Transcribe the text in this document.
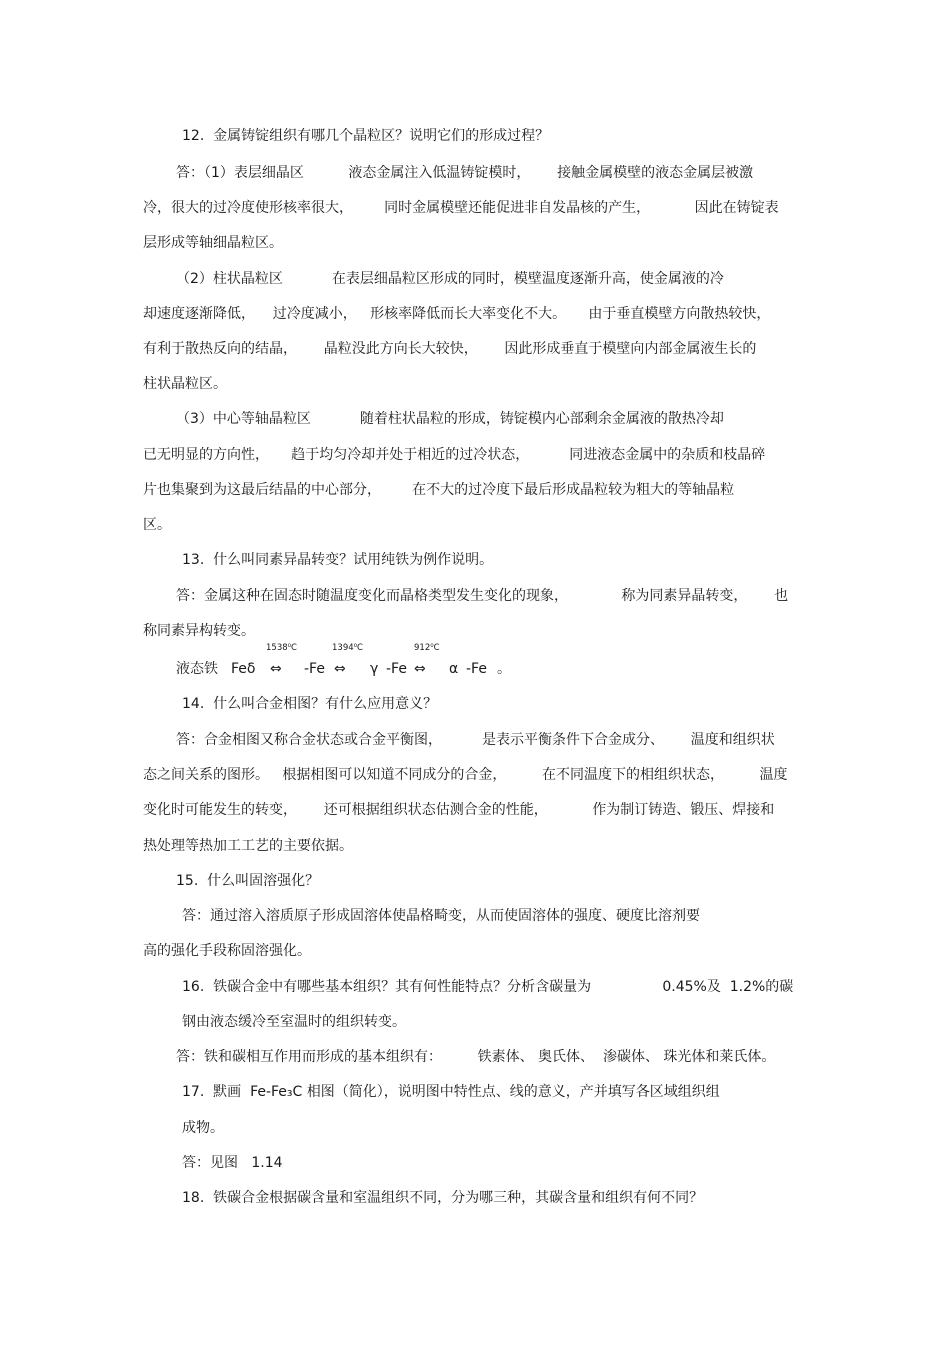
12.  金属铸锭组织有哪几个晶粒区？说明它们的形成过程？
答：（1）表层细晶区          液态金属注入低温铸锭模时，      接触金属模壁的液态金属层被激
冷，很大的过冷度使形核率很大，       同时金属模壁还能促进非自发晶核的产生，          因此在铸锭表
层形成等轴细晶粒区。
（2）柱状晶粒区           在表层细晶粒区形成的同时，模壁温度逐渐升高，使金属液的冷
却速度逐渐降低，    过冷度减小，   形核率降低而长大率变化不大。     由于垂直模壁方向散热较快，
有利于散热反向的结晶，      晶粒没此方向长大较快，      因此形成垂直于模壁向内部金属液生长的
柱状晶粒区。
（3）中心等轴晶粒区           随着柱状晶粒的形成，铸锭模内心部剩余金属液的散热冷却
已无明显的方向性，     趋于均匀冷却并处于相近的过冷状态，         同进液态金属中的杂质和枝晶碎
片也集聚到为这最后结晶的中心部分，       在不大的过冷度下最后形成晶粒较为粗大的等轴晶粒
区。
13.  什么叫同素异晶转变？试用纯铁为例作说明。
答：金属这种在固态时随温度变化而晶格类型发生变化的现象，            称为同素异晶转变，      也
称同素异构转变。
1538⁰C	1394⁰C	912⁰C
液态铁 Feδ ⇔ -Fe ⇔ γ -Fe ⇔ α -Fe 。
14.  什么叫合金相图？有什么应用意义？
答：合金相图又称合金状态或合金平衡图，         是表示平衡条件下合金成分、      温度和组织状
态之间关系的图形。   根据相图可以知道不同成分的合金，        在不同温度下的相组织状态，        温度
变化时可能发生的转变，      还可根据组织状态估测合金的性能，          作为制订铸造、锻压、焊接和
热处理等热加工工艺的主要依据。
15.  什么叫固溶强化？
答：通过溶入溶质原子形成固溶体使晶格畸变，从而使固溶体的强度、硬度比溶剂要
高的强化手段称固溶强化。
16.  铁碳合金中有哪些基本组织？其有何性能特点？分析含碳量为                0.45%及  1.2%的碳
钢由液态缓冷至室温时的组织转变。
答：铁和碳相互作用而形成的基本组织有：        铁素体、 奥氏体、  渗碳体、 珠光体和莱氏体。
17.  默画  Fe-Fe₃C 相图（简化），说明图中特性点、线的意义，产并填写各区域组织组
成物。
答：见图   1.14
18.  铁碳合金根据碳含量和室温组织不同，分为哪三种，其碳含量和组织有何不同？
